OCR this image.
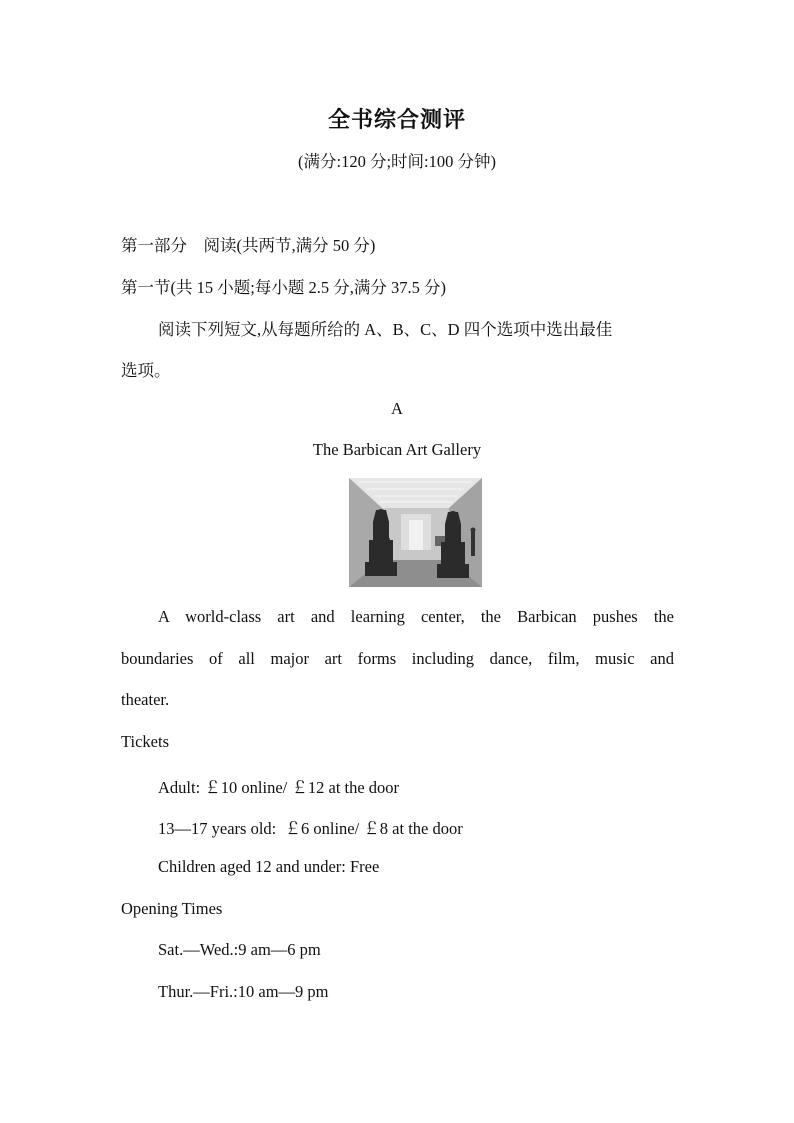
全书综合测评
(满分:120 分;时间:100 分钟)
第一部分　阅读(共两节,满分 50 分)
第一节(共 15 小题;每小题 2.5 分,满分 37.5 分)
阅读下列短文,从每题所给的 A、B、C、D 四个选项中选出最佳
选项。
A
The Barbican Art Gallery
A world-class art and learning center, the Barbican pushes the
boundaries of all major art forms including dance, film, music and
theater.
Tickets
Adult: ￡10 online/ ￡12 at the door
13—17 years old:  ￡6 online/ ￡8 at the door
Children aged 12 and under: Free
Opening Times
Sat.—Wed.:9 am—6 pm
Thur.—Fri.:10 am—9 pm
